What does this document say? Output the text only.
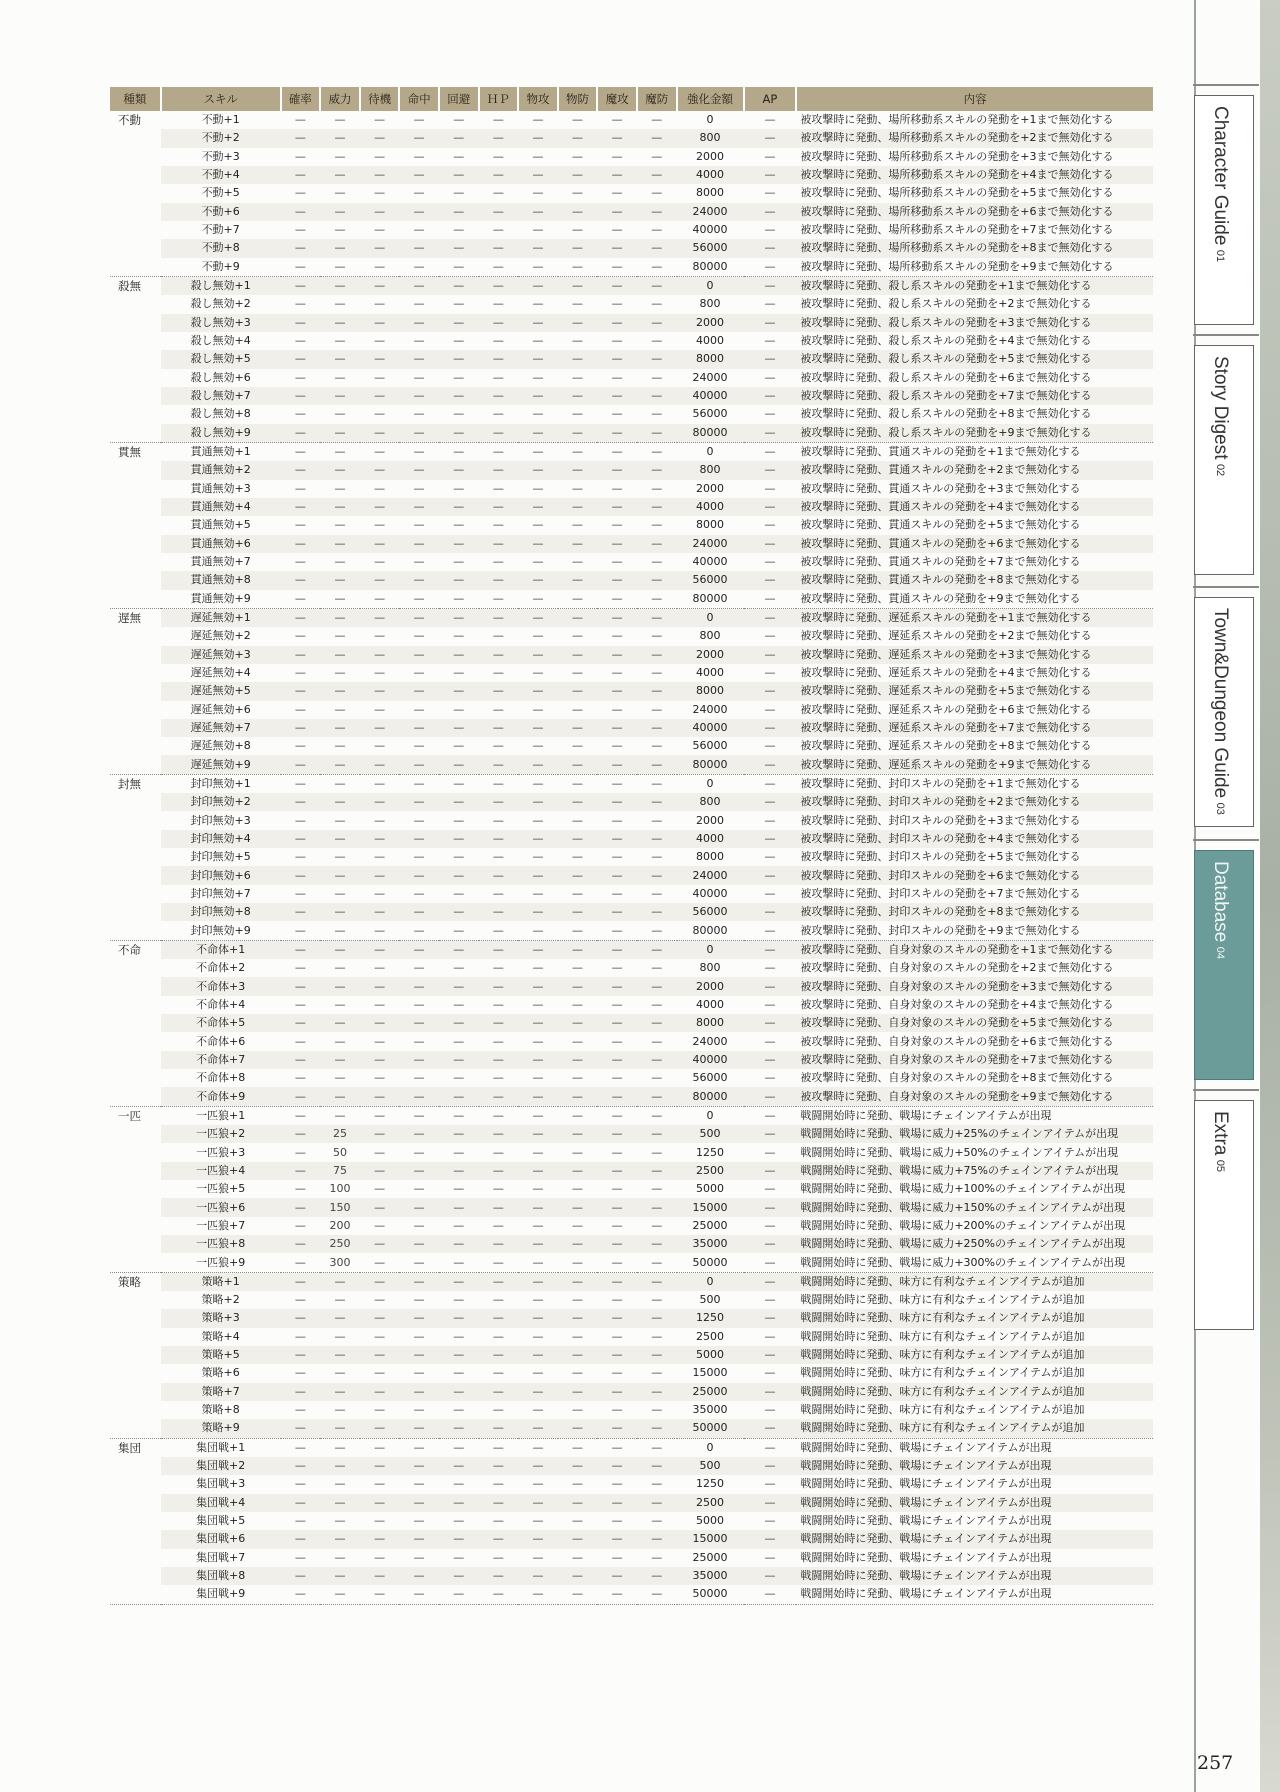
種類	スキル	確率	威力	待機	命中	回避	ＨＰ	物攻	物防	魔攻	魔防	強化金額	AP	内容
不動	不動+1	—	—	—	—	—	—	—	—	—	—	0	—	被攻撃時に発動、場所移動系スキルの発動を+1まで無効化する
	不動+2	—	—	—	—	—	—	—	—	—	—	800	—	被攻撃時に発動、場所移動系スキルの発動を+2まで無効化する
	不動+3	—	—	—	—	—	—	—	—	—	—	2000	—	被攻撃時に発動、場所移動系スキルの発動を+3まで無効化する
	不動+4	—	—	—	—	—	—	—	—	—	—	4000	—	被攻撃時に発動、場所移動系スキルの発動を+4まで無効化する
	不動+5	—	—	—	—	—	—	—	—	—	—	8000	—	被攻撃時に発動、場所移動系スキルの発動を+5まで無効化する
	不動+6	—	—	—	—	—	—	—	—	—	—	24000	—	被攻撃時に発動、場所移動系スキルの発動を+6まで無効化する
	不動+7	—	—	—	—	—	—	—	—	—	—	40000	—	被攻撃時に発動、場所移動系スキルの発動を+7まで無効化する
	不動+8	—	—	—	—	—	—	—	—	—	—	56000	—	被攻撃時に発動、場所移動系スキルの発動を+8まで無効化する
	不動+9	—	—	—	—	—	—	—	—	—	—	80000	—	被攻撃時に発動、場所移動系スキルの発動を+9まで無効化する
殺無	殺し無効+1	—	—	—	—	—	—	—	—	—	—	0	—	被攻撃時に発動、殺し系スキルの発動を+1まで無効化する
	殺し無効+2	—	—	—	—	—	—	—	—	—	—	800	—	被攻撃時に発動、殺し系スキルの発動を+2まで無効化する
	殺し無効+3	—	—	—	—	—	—	—	—	—	—	2000	—	被攻撃時に発動、殺し系スキルの発動を+3まで無効化する
	殺し無効+4	—	—	—	—	—	—	—	—	—	—	4000	—	被攻撃時に発動、殺し系スキルの発動を+4まで無効化する
	殺し無効+5	—	—	—	—	—	—	—	—	—	—	8000	—	被攻撃時に発動、殺し系スキルの発動を+5まで無効化する
	殺し無効+6	—	—	—	—	—	—	—	—	—	—	24000	—	被攻撃時に発動、殺し系スキルの発動を+6まで無効化する
	殺し無効+7	—	—	—	—	—	—	—	—	—	—	40000	—	被攻撃時に発動、殺し系スキルの発動を+7まで無効化する
	殺し無効+8	—	—	—	—	—	—	—	—	—	—	56000	—	被攻撃時に発動、殺し系スキルの発動を+8まで無効化する
	殺し無効+9	—	—	—	—	—	—	—	—	—	—	80000	—	被攻撃時に発動、殺し系スキルの発動を+9まで無効化する
貫無	貫通無効+1	—	—	—	—	—	—	—	—	—	—	0	—	被攻撃時に発動、貫通スキルの発動を+1まで無効化する
	貫通無効+2	—	—	—	—	—	—	—	—	—	—	800	—	被攻撃時に発動、貫通スキルの発動を+2まで無効化する
	貫通無効+3	—	—	—	—	—	—	—	—	—	—	2000	—	被攻撃時に発動、貫通スキルの発動を+3まで無効化する
	貫通無効+4	—	—	—	—	—	—	—	—	—	—	4000	—	被攻撃時に発動、貫通スキルの発動を+4まで無効化する
	貫通無効+5	—	—	—	—	—	—	—	—	—	—	8000	—	被攻撃時に発動、貫通スキルの発動を+5まで無効化する
	貫通無効+6	—	—	—	—	—	—	—	—	—	—	24000	—	被攻撃時に発動、貫通スキルの発動を+6まで無効化する
	貫通無効+7	—	—	—	—	—	—	—	—	—	—	40000	—	被攻撃時に発動、貫通スキルの発動を+7まで無効化する
	貫通無効+8	—	—	—	—	—	—	—	—	—	—	56000	—	被攻撃時に発動、貫通スキルの発動を+8まで無効化する
	貫通無効+9	—	—	—	—	—	—	—	—	—	—	80000	—	被攻撃時に発動、貫通スキルの発動を+9まで無効化する
遅無	遅延無効+1	—	—	—	—	—	—	—	—	—	—	0	—	被攻撃時に発動、遅延系スキルの発動を+1まで無効化する
	遅延無効+2	—	—	—	—	—	—	—	—	—	—	800	—	被攻撃時に発動、遅延系スキルの発動を+2まで無効化する
	遅延無効+3	—	—	—	—	—	—	—	—	—	—	2000	—	被攻撃時に発動、遅延系スキルの発動を+3まで無効化する
	遅延無効+4	—	—	—	—	—	—	—	—	—	—	4000	—	被攻撃時に発動、遅延系スキルの発動を+4まで無効化する
	遅延無効+5	—	—	—	—	—	—	—	—	—	—	8000	—	被攻撃時に発動、遅延系スキルの発動を+5まで無効化する
	遅延無効+6	—	—	—	—	—	—	—	—	—	—	24000	—	被攻撃時に発動、遅延系スキルの発動を+6まで無効化する
	遅延無効+7	—	—	—	—	—	—	—	—	—	—	40000	—	被攻撃時に発動、遅延系スキルの発動を+7まで無効化する
	遅延無効+8	—	—	—	—	—	—	—	—	—	—	56000	—	被攻撃時に発動、遅延系スキルの発動を+8まで無効化する
	遅延無効+9	—	—	—	—	—	—	—	—	—	—	80000	—	被攻撃時に発動、遅延系スキルの発動を+9まで無効化する
封無	封印無効+1	—	—	—	—	—	—	—	—	—	—	0	—	被攻撃時に発動、封印スキルの発動を+1まで無効化する
	封印無効+2	—	—	—	—	—	—	—	—	—	—	800	—	被攻撃時に発動、封印スキルの発動を+2まで無効化する
	封印無効+3	—	—	—	—	—	—	—	—	—	—	2000	—	被攻撃時に発動、封印スキルの発動を+3まで無効化する
	封印無効+4	—	—	—	—	—	—	—	—	—	—	4000	—	被攻撃時に発動、封印スキルの発動を+4まで無効化する
	封印無効+5	—	—	—	—	—	—	—	—	—	—	8000	—	被攻撃時に発動、封印スキルの発動を+5まで無効化する
	封印無効+6	—	—	—	—	—	—	—	—	—	—	24000	—	被攻撃時に発動、封印スキルの発動を+6まで無効化する
	封印無効+7	—	—	—	—	—	—	—	—	—	—	40000	—	被攻撃時に発動、封印スキルの発動を+7まで無効化する
	封印無効+8	—	—	—	—	—	—	—	—	—	—	56000	—	被攻撃時に発動、封印スキルの発動を+8まで無効化する
	封印無効+9	—	—	—	—	—	—	—	—	—	—	80000	—	被攻撃時に発動、封印スキルの発動を+9まで無効化する
不命	不命体+1	—	—	—	—	—	—	—	—	—	—	0	—	被攻撃時に発動、自身対象のスキルの発動を+1まで無効化する
	不命体+2	—	—	—	—	—	—	—	—	—	—	800	—	被攻撃時に発動、自身対象のスキルの発動を+2まで無効化する
	不命体+3	—	—	—	—	—	—	—	—	—	—	2000	—	被攻撃時に発動、自身対象のスキルの発動を+3まで無効化する
	不命体+4	—	—	—	—	—	—	—	—	—	—	4000	—	被攻撃時に発動、自身対象のスキルの発動を+4まで無効化する
	不命体+5	—	—	—	—	—	—	—	—	—	—	8000	—	被攻撃時に発動、自身対象のスキルの発動を+5まで無効化する
	不命体+6	—	—	—	—	—	—	—	—	—	—	24000	—	被攻撃時に発動、自身対象のスキルの発動を+6まで無効化する
	不命体+7	—	—	—	—	—	—	—	—	—	—	40000	—	被攻撃時に発動、自身対象のスキルの発動を+7まで無効化する
	不命体+8	—	—	—	—	—	—	—	—	—	—	56000	—	被攻撃時に発動、自身対象のスキルの発動を+8まで無効化する
	不命体+9	—	—	—	—	—	—	—	—	—	—	80000	—	被攻撃時に発動、自身対象のスキルの発動を+9まで無効化する
一匹	一匹狼+1	—	—	—	—	—	—	—	—	—	—	0	—	戦闘開始時に発動、戦場にチェインアイテムが出現
	一匹狼+2	—	25	—	—	—	—	—	—	—	—	500	—	戦闘開始時に発動、戦場に威力+25%のチェインアイテムが出現
	一匹狼+3	—	50	—	—	—	—	—	—	—	—	1250	—	戦闘開始時に発動、戦場に威力+50%のチェインアイテムが出現
	一匹狼+4	—	75	—	—	—	—	—	—	—	—	2500	—	戦闘開始時に発動、戦場に威力+75%のチェインアイテムが出現
	一匹狼+5	—	100	—	—	—	—	—	—	—	—	5000	—	戦闘開始時に発動、戦場に威力+100%のチェインアイテムが出現
	一匹狼+6	—	150	—	—	—	—	—	—	—	—	15000	—	戦闘開始時に発動、戦場に威力+150%のチェインアイテムが出現
	一匹狼+7	—	200	—	—	—	—	—	—	—	—	25000	—	戦闘開始時に発動、戦場に威力+200%のチェインアイテムが出現
	一匹狼+8	—	250	—	—	—	—	—	—	—	—	35000	—	戦闘開始時に発動、戦場に威力+250%のチェインアイテムが出現
	一匹狼+9	—	300	—	—	—	—	—	—	—	—	50000	—	戦闘開始時に発動、戦場に威力+300%のチェインアイテムが出現
策略	策略+1	—	—	—	—	—	—	—	—	—	—	0	—	戦闘開始時に発動、味方に有利なチェインアイテムが追加
	策略+2	—	—	—	—	—	—	—	—	—	—	500	—	戦闘開始時に発動、味方に有利なチェインアイテムが追加
	策略+3	—	—	—	—	—	—	—	—	—	—	1250	—	戦闘開始時に発動、味方に有利なチェインアイテムが追加
	策略+4	—	—	—	—	—	—	—	—	—	—	2500	—	戦闘開始時に発動、味方に有利なチェインアイテムが追加
	策略+5	—	—	—	—	—	—	—	—	—	—	5000	—	戦闘開始時に発動、味方に有利なチェインアイテムが追加
	策略+6	—	—	—	—	—	—	—	—	—	—	15000	—	戦闘開始時に発動、味方に有利なチェインアイテムが追加
	策略+7	—	—	—	—	—	—	—	—	—	—	25000	—	戦闘開始時に発動、味方に有利なチェインアイテムが追加
	策略+8	—	—	—	—	—	—	—	—	—	—	35000	—	戦闘開始時に発動、味方に有利なチェインアイテムが追加
	策略+9	—	—	—	—	—	—	—	—	—	—	50000	—	戦闘開始時に発動、味方に有利なチェインアイテムが追加
集団	集団戦+1	—	—	—	—	—	—	—	—	—	—	0	—	戦闘開始時に発動、戦場にチェインアイテムが出現
	集団戦+2	—	—	—	—	—	—	—	—	—	—	500	—	戦闘開始時に発動、戦場にチェインアイテムが出現
	集団戦+3	—	—	—	—	—	—	—	—	—	—	1250	—	戦闘開始時に発動、戦場にチェインアイテムが出現
	集団戦+4	—	—	—	—	—	—	—	—	—	—	2500	—	戦闘開始時に発動、戦場にチェインアイテムが出現
	集団戦+5	—	—	—	—	—	—	—	—	—	—	5000	—	戦闘開始時に発動、戦場にチェインアイテムが出現
	集団戦+6	—	—	—	—	—	—	—	—	—	—	15000	—	戦闘開始時に発動、戦場にチェインアイテムが出現
	集団戦+7	—	—	—	—	—	—	—	—	—	—	25000	—	戦闘開始時に発動、戦場にチェインアイテムが出現
	集団戦+8	—	—	—	—	—	—	—	—	—	—	35000	—	戦闘開始時に発動、戦場にチェインアイテムが出現
	集団戦+9	—	—	—	—	—	—	—	—	—	—	50000	—	戦闘開始時に発動、戦場にチェインアイテムが出現
Character Guide 01
Story Digest 02
Town&Dungeon Guide 03
Database 04
Extra 05
257
